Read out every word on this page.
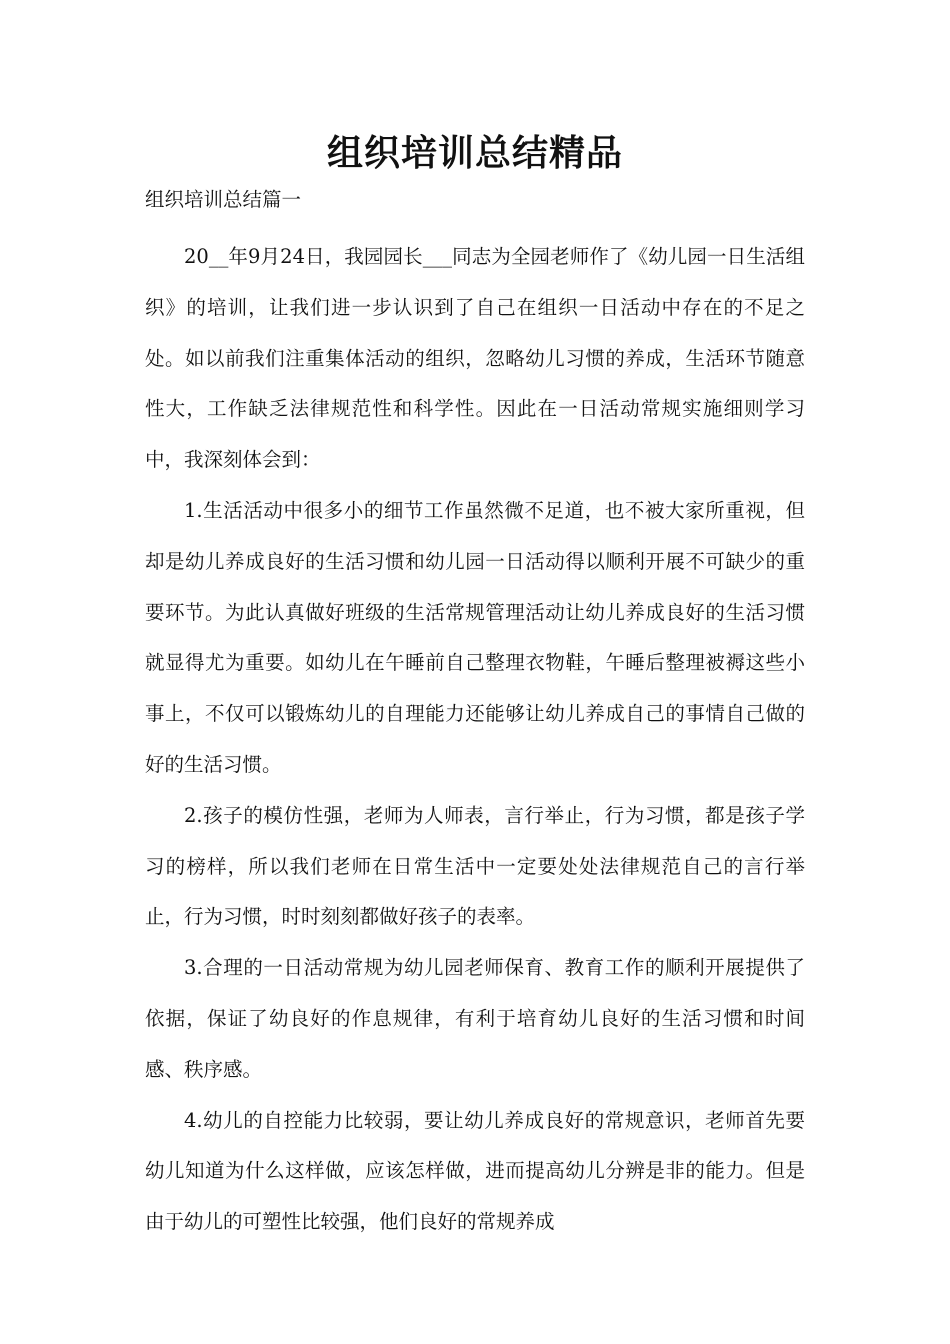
组织培训总结精品
组织培训总结篇一

20__年9月24日，我园园长___同志为全园老师作了《幼儿园一日生活组织》的培训，让我们进一步认识到了自己在组织一日活动中存在的不足之处。如以前我们注重集体活动的组织，忽略幼儿习惯的养成，生活环节随意性大，工作缺乏法律规范性和科学性。因此在一日活动常规实施细则学习中，我深刻体会到：

1.生活活动中很多小的细节工作虽然微不足道，也不被大家所重视，但却是幼儿养成良好的生活习惯和幼儿园一日活动得以顺利开展不可缺少的重要环节。为此认真做好班级的生活常规管理活动让幼儿养成良好的生活习惯就显得尤为重要。如幼儿在午睡前自己整理衣物鞋，午睡后整理被褥这些小事上，不仅可以锻炼幼儿的自理能力还能够让幼儿养成自己的事情自己做的好的生活习惯。

2.孩子的模仿性强，老师为人师表，言行举止，行为习惯，都是孩子学习的榜样，所以我们老师在日常生活中一定要处处法律规范自己的言行举止，行为习惯，时时刻刻都做好孩子的表率。

3.合理的一日活动常规为幼儿园老师保育、教育工作的顺利开展提供了依据，保证了幼良好的作息规律，有利于培育幼儿良好的生活习惯和时间感、秩序感。

4.幼儿的自控能力比较弱，要让幼儿养成良好的常规意识，老师首先要幼儿知道为什么这样做，应该怎样做，进而提高幼儿分辨是非的能力。但是由于幼儿的可塑性比较强，他们良好的常规养成
